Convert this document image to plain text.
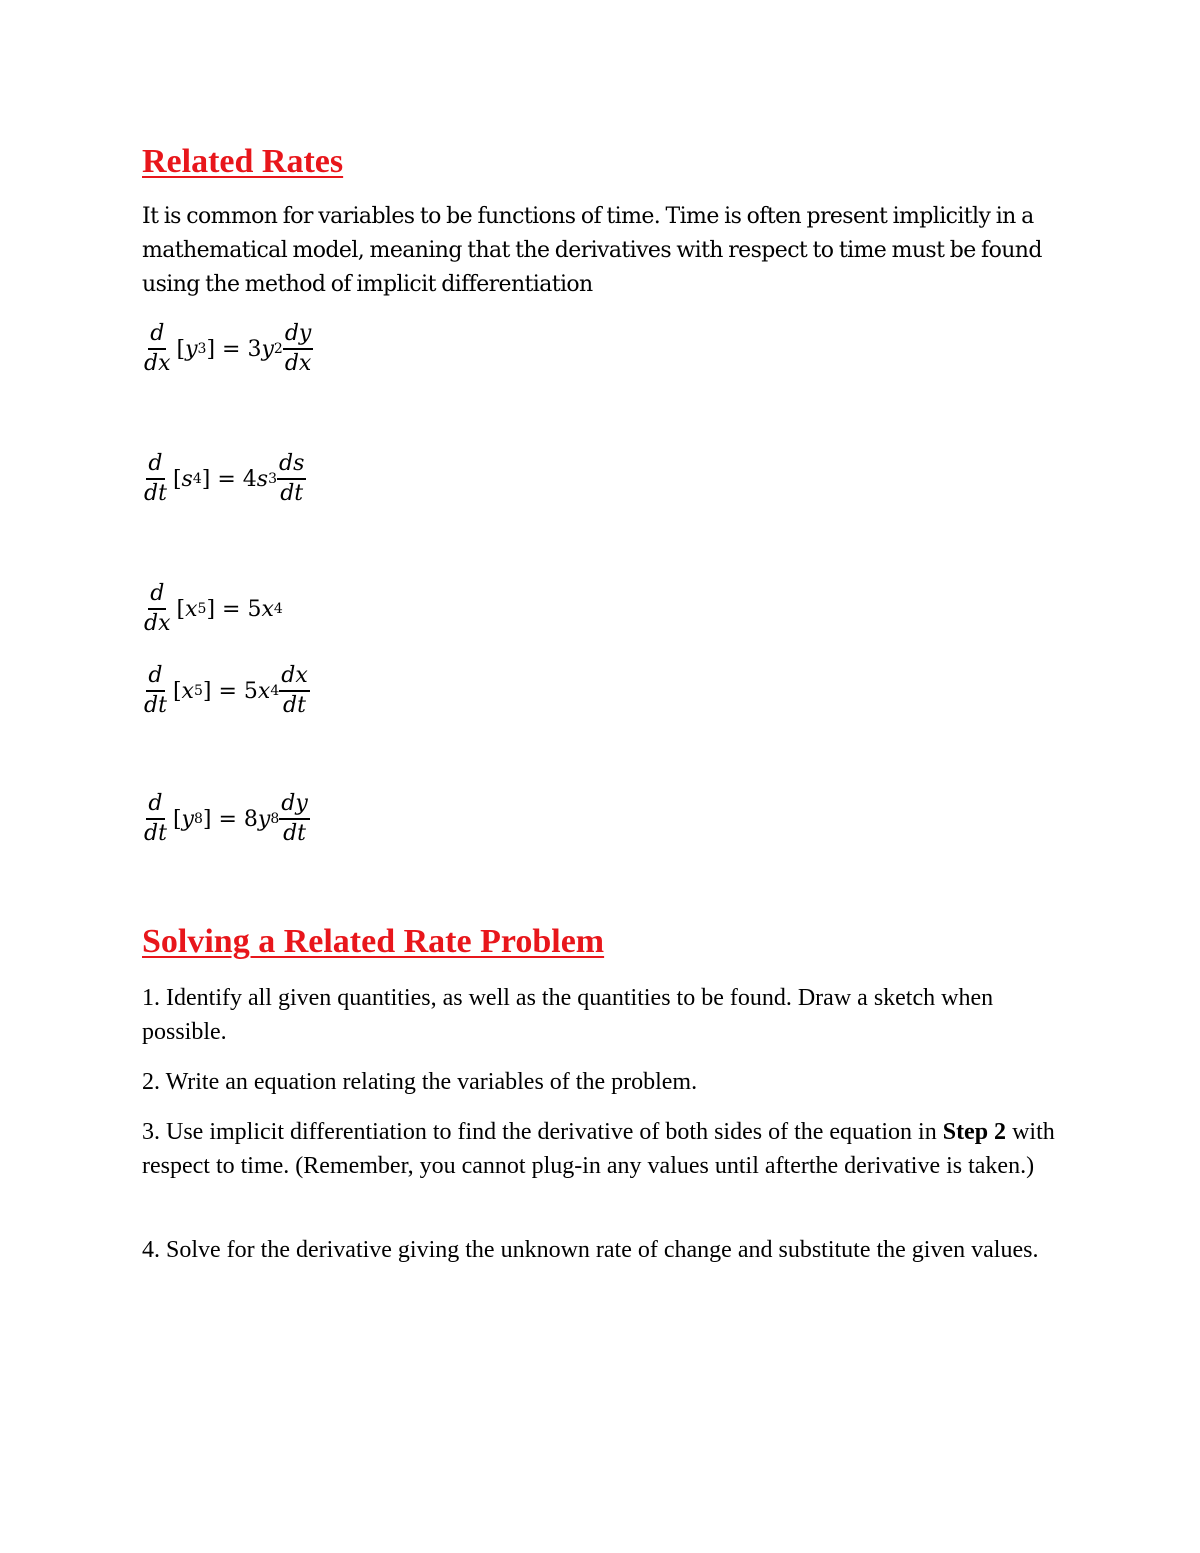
Related Rates

It is common for variables to be functions of time. Time is often present implicitly in a mathematical model, meaning that the derivatives with respect to time must be found using the method of implicit differentiation

$\frac{d}{dx}$ [ y 3 ]
=
3 y $2 \frac{dy}{dx}$
$\frac{d}{dt}$ [ s 4 ]
=
4 s $3 \frac{ds}{dt}$
$\frac{d}{dx}$ [ x 5 ]
=
5 x 4
$\frac{d}{dt}$ [ x 5 ]
=
5 x $4 \frac{dx}{dt}$
$\frac{d}{dt}$ [ y 8 ]
=
8 y $8 \frac{dy}{dt}$
Solving a Related Rate Problem

1. Identify all given quantities, as well as the quantities to be found. Draw a sketch when possible.

2. Write an equation relating the variables of the problem.

3. Use implicit differentiation to find the derivative of both sides of the equation in Step 2 with respect to time. (Remember, you cannot plug-in any values until afterthe derivative is taken.)

4. Solve for the derivative giving the unknown rate of change and substitute the given values.
